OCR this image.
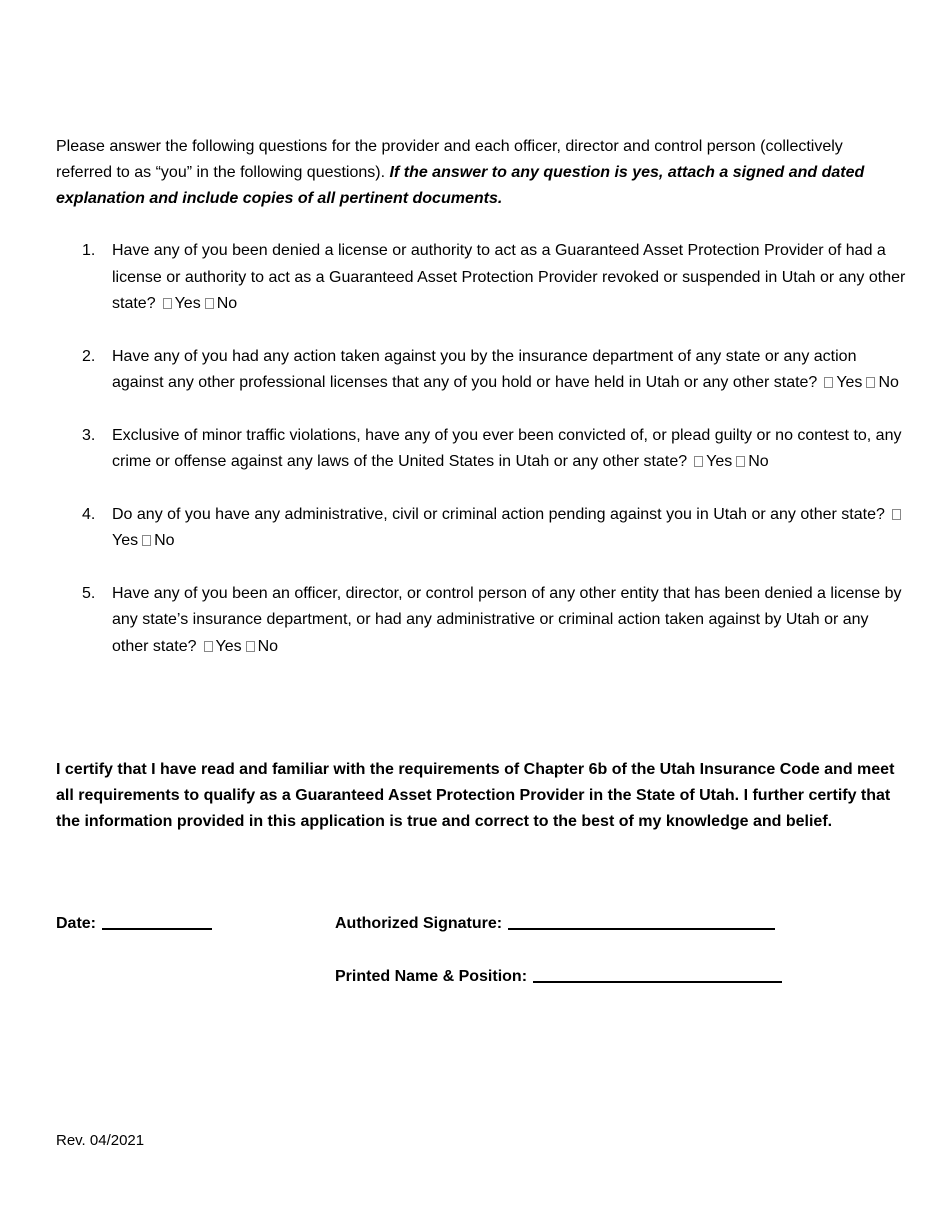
Please answer the following questions for the provider and each officer, director and control person (collectively referred to as “you” in the following questions). If the answer to any question is yes, attach a signed and dated explanation and include copies of all pertinent documents.

1.	Have any of you been denied a license or authority to act as a Guaranteed Asset Protection Provider of had a license or authority to act as a Guaranteed Asset Protection Provider revoked or suspended in Utah or any other state? Yes No
2.	Have any of you had any action taken against you by the insurance department of any state or any action against any other professional licenses that any of you hold or have held in Utah or any other state? Yes No
3.	Exclusive of minor traffic violations, have any of you ever been convicted of, or plead guilty or no contest to, any crime or offense against any laws of the United States in Utah or any other state? Yes No
4.	Do any of you have any administrative, civil or criminal action pending against you in Utah or any other state?Yes No
5.	Have any of you been an officer, director, or control person of any other entity that has been denied a license by any state’s insurance department, or had any administrative or criminal action taken against by Utah or any other state? Yes No

I certify that I have read and familiar with the requirements of Chapter 6b of the Utah Insurance Code and meet all requirements to qualify as a Guaranteed Asset Protection Provider in the State of Utah. I further certify that the information provided in this application is true and correct to the best of my knowledge and belief.

Date:	Authorized Signature:
Printed Name & Position:
Rev. 04/2021
